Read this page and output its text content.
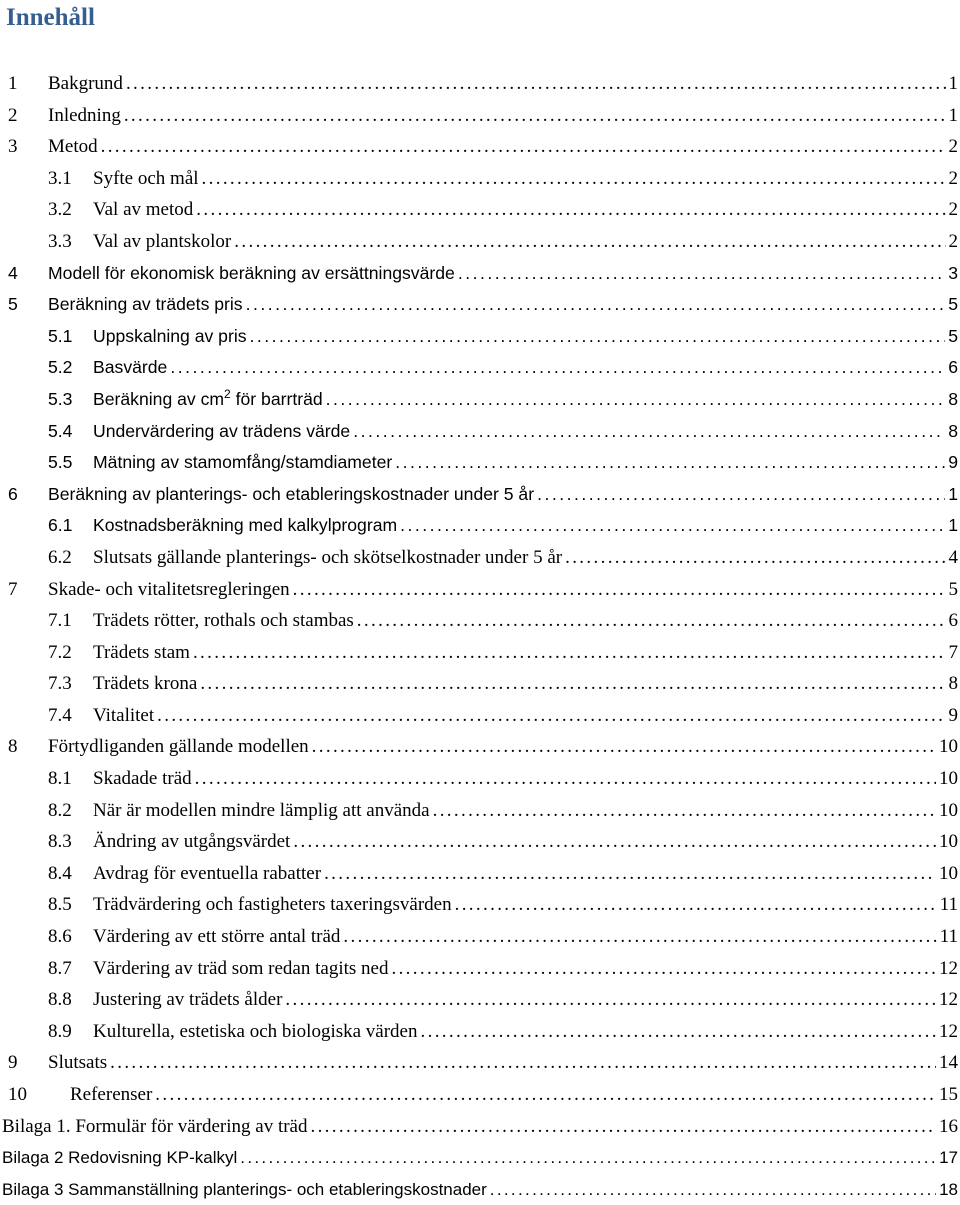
Innehåll
1 Bakgrund . . .	1
2 Inledning . . .	1
3 Metod . . .	2
3.1 Syfte och mål . . .	2
3.2 Val av metod . . .	2
3.3 Val av plantskolor . . .	2
4 Modell för ekonomisk beräkning av ersättningsvärde . . .	3
5 Beräkning av trädets pris . . .	5
5.1 Uppskalning av pris . . .	5
5.2 Basvärde . . .	6
5.3 Beräkning av $cm^2$ för barrträd . . .	8
5.4 Undervärdering av trädens värde . . .	8
5.5 Mätning av stamomfång/stamdiameter . . .	9
6 Beräkning av planterings- och etableringskostnader under 5 år . . .	1
6.1 Kostnadsberäkning med kalkylprogram . . .	1
6.2 Slutsats gällande planterings- och skötselkostnader under 5 år . . .	4
7 Skade- och vitalitetsregleringen . . .	5
7.1 Trädets rötter, rothals och stambas . . .	6
7.2 Trädets stam . . .	7
7.3 Trädets krona . . .	8
7.4 Vitalitet . . .	9
8 Förtydliganden gällande modellen . . .	10
8.1 Skadade träd . . .	10
8.2 När är modellen mindre lämplig att använda . . .	10
8.3 Ändring av utgångsvärdet . . .	10
8.4 Avdrag för eventuella rabatter . . .	10
8.5 Trädvärdering och fastigheters taxeringsvärden . . .	11
8.6 Värdering av ett större antal träd . . .	11
8.7 Värdering av träd som redan tagits ned . . .	12
8.8 Justering av trädets ålder . . .	12
8.9 Kulturella, estetiska och biologiska värden . . .	12
9 Slutsats . . .	14
10 Referenser . . .	15
Bilaga 1. Formulär för värdering av träd . . .	16
Bilaga 2 Redovisning KP-kalkyl . . .	17
Bilaga 3 Sammanställning planterings- och etableringskostnader . . .	18
